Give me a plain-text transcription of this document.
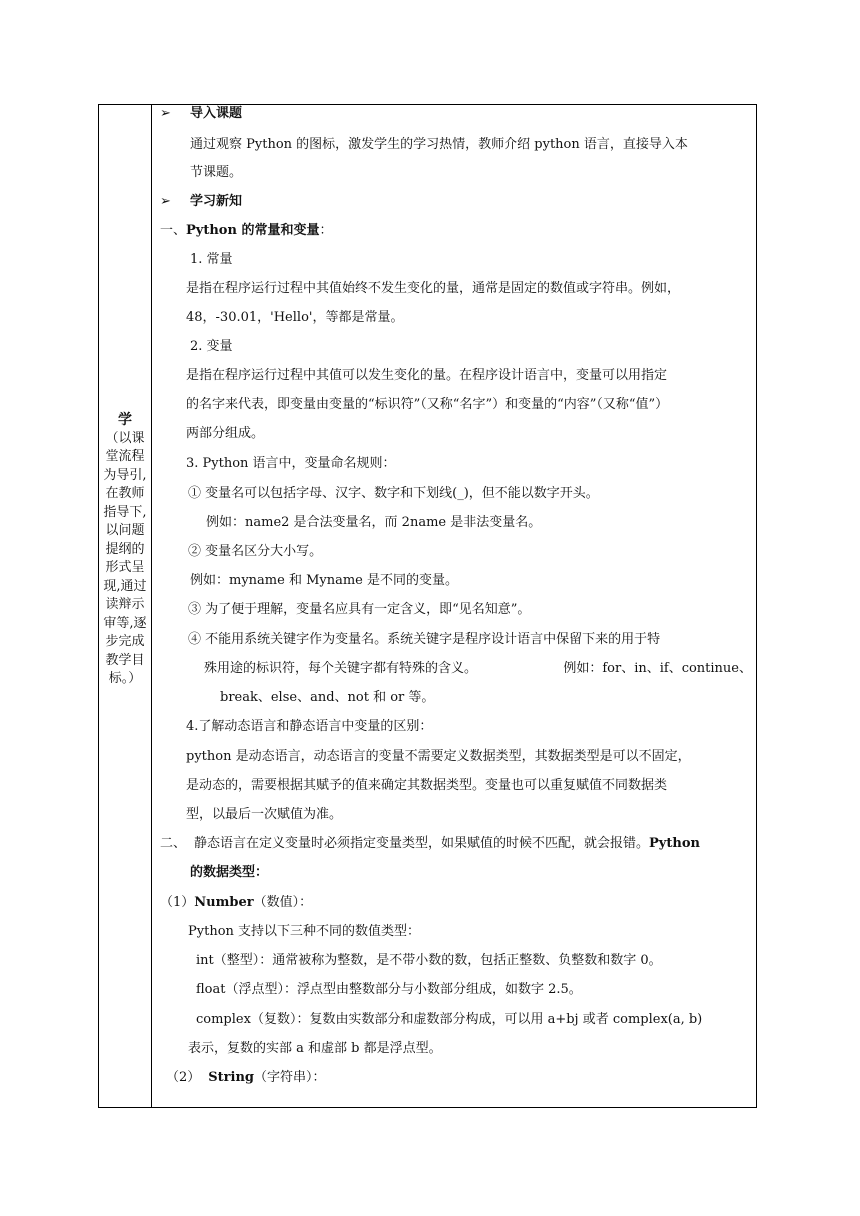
学
（以课堂流程为导引,在教师指导下,以问题提纲的形式呈现,通过读辩示审等,逐步完成教学目标。）
➢ 导入课题
通过观察 Python 的图标，激发学生的学习热情，教师介绍 python 语言，直接导入本
节课题。
➢ 学习新知
一、Python 的常量和变量：
1. 常量
是指在程序运行过程中其值始终不发生变化的量，通常是固定的数值或字符串。例如，
48，-30.01，'Hello'，等都是常量。
2. 变量
是指在程序运行过程中其值可以发生变化的量。在程序设计语言中，变量可以用指定
的名字来代表，即变量由变量的“标识符”（又称“名字”）和变量的“内容”（又称“值”）
两部分组成。
3. Python 语言中，变量命名规则：
① 变量名可以包括字母、汉字、数字和下划线(_)，但不能以数字开头。
例如：name2 是合法变量名，而 2name 是非法变量名。
② 变量名区分大小写。
例如：myname 和 Myname 是不同的变量。
③ 为了便于理解，变量名应具有一定含义，即“见名知意”。
④ 不能用系统关键字作为变量名。系统关键字是程序设计语言中保留下来的用于特
殊用途的标识符，每个关键字都有特殊的含义。	例如：for、in、if、continue、
break、else、and、not 和 or 等。
4.了解动态语言和静态语言中变量的区别：
python 是动态语言，动态语言的变量不需要定义数据类型，其数据类型是可以不固定，
是动态的，需要根据其赋予的值来确定其数据类型。变量也可以重复赋值不同数据类
型，以最后一次赋值为准。
二、 静态语言在定义变量时必须指定变量类型，如果赋值的时候不匹配，就会报错。Python
的数据类型：
（1）Number（数值）：
Python 支持以下三种不同的数值类型：
int（整型）：通常被称为整数，是不带小数的数，包括正整数、负整数和数字 0。
float（浮点型）：浮点型由整数部分与小数部分组成，如数字 2.5。
complex（复数）：复数由实数部分和虚数部分构成，可以用 a+bj 或者 complex(a, b)
表示，复数的实部 a 和虚部 b 都是浮点型。
（2） String（字符串）：
